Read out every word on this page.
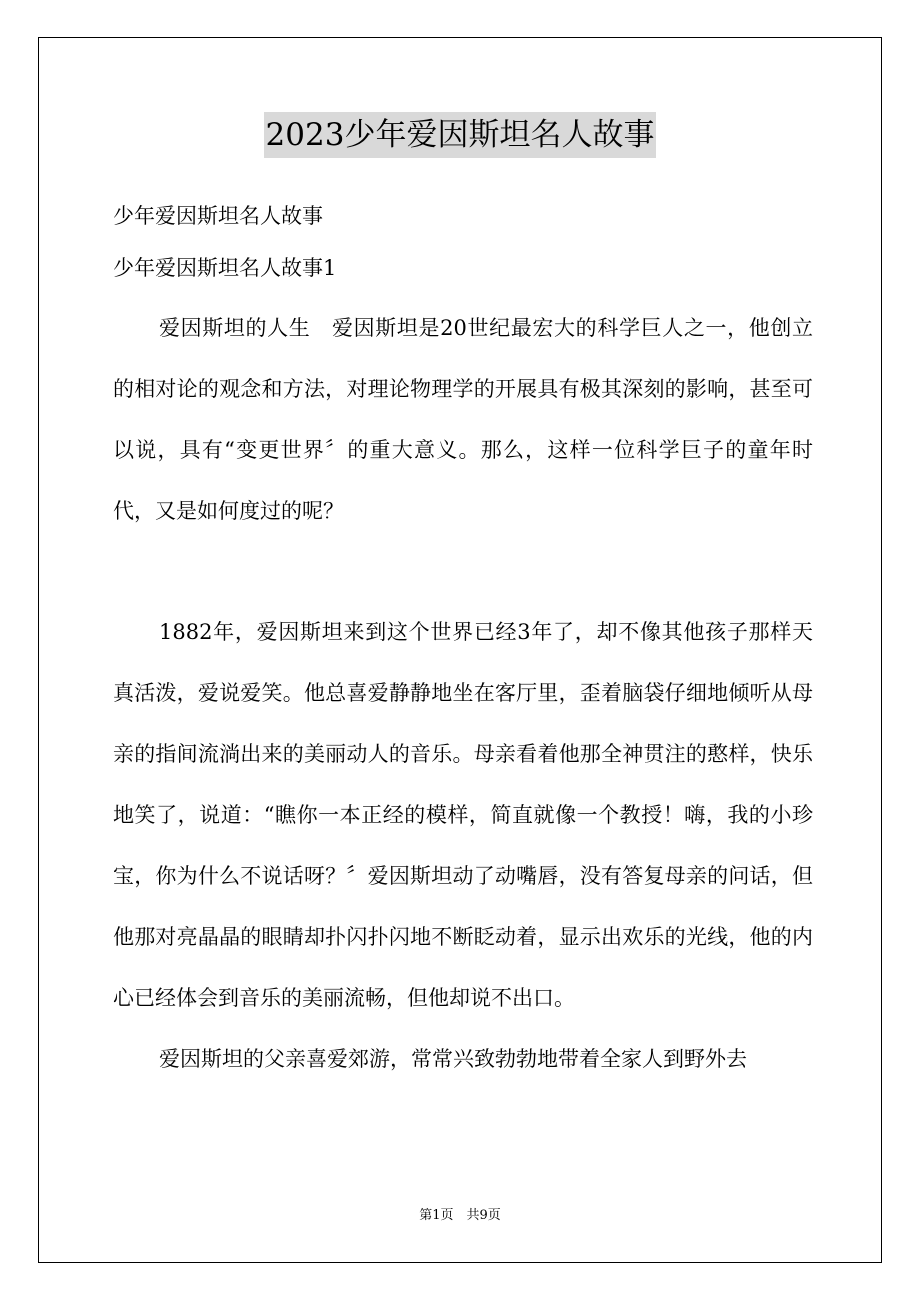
2023少年爱因斯坦名人故事

少年爱因斯坦名人故事

少年爱因斯坦名人故事1

爱因斯坦的人生　爱因斯坦是20世纪最宏大的科学巨人之一，他创立的相对论的观念和方法，对理论物理学的开展具有极其深刻的影响，甚至可以说，具有“变更世界〞的重大意义。那么，这样一位科学巨子的童年时代，又是如何度过的呢？

1882年，爱因斯坦来到这个世界已经3年了，却不像其他孩子那样天真活泼，爱说爱笑。他总喜爱静静地坐在客厅里，歪着脑袋仔细地倾听从母亲的指间流淌出来的美丽动人的音乐。母亲看着他那全神贯注的憨样，快乐地笑了，说道：“瞧你一本正经的模样，简直就像一个教授！嗨，我的小珍宝，你为什么不说话呀？〞爱因斯坦动了动嘴唇，没有答复母亲的问话，但他那对亮晶晶的眼睛却扑闪扑闪地不断眨动着，显示出欢乐的光线，他的内心已经体会到音乐的美丽流畅，但他却说不出口。

爱因斯坦的父亲喜爱郊游，常常兴致勃勃地带着全家人到野外去

第1页　共9页
